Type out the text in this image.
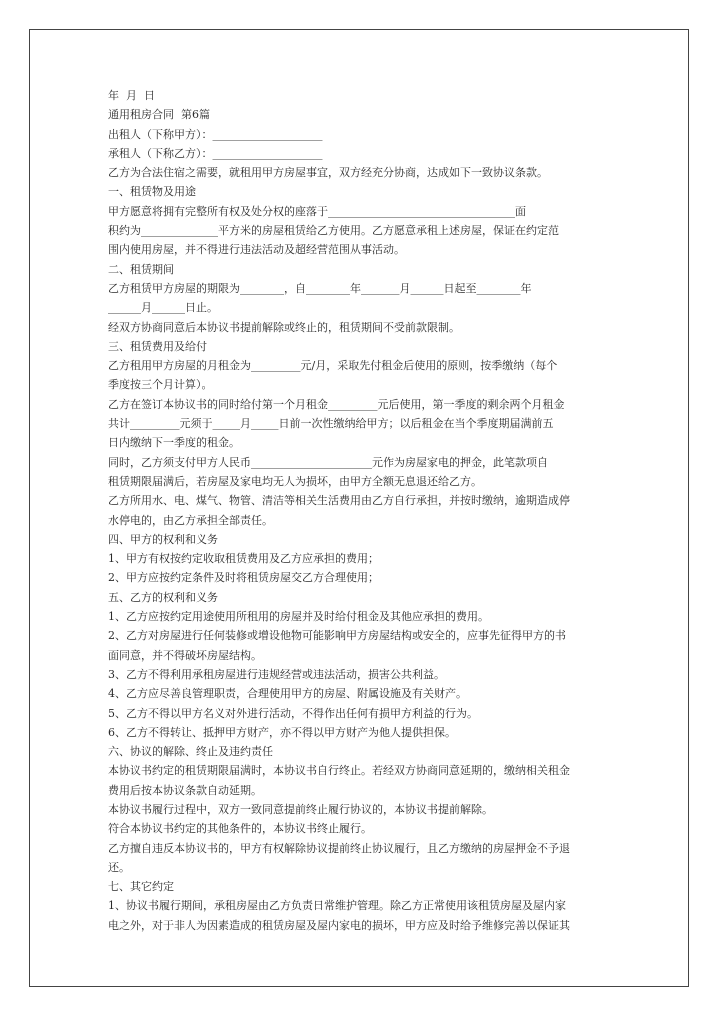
年  月  日
通用租房合同  第6篇
出租人（下称甲方）：____________________
承租人（下称乙方）：____________________
乙方为合法住宿之需要，就租用甲方房屋事宜，双方经充分协商，达成如下一致协议条款。
一、租赁物及用途
甲方愿意将拥有完整所有权及处分权的座落于__________________________________面
积约为______________平方米的房屋租赁给乙方使用。乙方愿意承租上述房屋，保证在约定范
围内使用房屋，并不得进行违法活动及超经营范围从事活动。
二、租赁期间
乙方租赁甲方房屋的期限为________，自________年_______月______日起至________年
______月______日止。
经双方协商同意后本协议书提前解除或终止的，租赁期间不受前款限制。
三、租赁费用及给付
乙方租用甲方房屋的月租金为_________元/月，采取先付租金后使用的原则，按季缴纳（每个
季度按三个月计算）。
乙方在签订本协议书的同时给付第一个月租金_________元后使用，第一季度的剩余两个月租金
共计_________元须于_____月_____日前一次性缴纳给甲方；以后租金在当个季度期届满前五
日内缴纳下一季度的租金。
同时，乙方须支付甲方人民币______________________元作为房屋家电的押金，此笔款项自
租赁期限届满后，若房屋及家电均无人为损坏，由甲方全额无息退还给乙方。
乙方所用水、电、煤气、物管、清洁等相关生活费用由乙方自行承担，并按时缴纳，逾期造成停
水停电的，由乙方承担全部责任。
四、甲方的权利和义务
1、甲方有权按约定收取租赁费用及乙方应承担的费用；
2、甲方应按约定条件及时将租赁房屋交乙方合理使用；
五、乙方的权利和义务
1、乙方应按约定用途使用所租用的房屋并及时给付租金及其他应承担的费用。
2、乙方对房屋进行任何装修或增设他物可能影响甲方房屋结构或安全的，应事先征得甲方的书
面同意，并不得破坏房屋结构。
3、乙方不得利用承租房屋进行违规经营或违法活动，损害公共利益。
4、乙方应尽善良管理职责，合理使用甲方的房屋、附属设施及有关财产。
5、乙方不得以甲方名义对外进行活动，不得作出任何有损甲方利益的行为。
6、乙方不得转让、抵押甲方财产，亦不得以甲方财产为他人提供担保。
六、协议的解除、终止及违约责任
本协议书约定的租赁期限届满时，本协议书自行终止。若经双方协商同意延期的，缴纳相关租金
费用后按本协议条款自动延期。
本协议书履行过程中，双方一致同意提前终止履行协议的，本协议书提前解除。
符合本协议书约定的其他条件的，本协议书终止履行。
乙方擅自违反本协议书的，甲方有权解除协议提前终止协议履行，且乙方缴纳的房屋押金不予退
还。
七、其它约定
1、协议书履行期间，承租房屋由乙方负责日常维护管理。除乙方正常使用该租赁房屋及屋内家
电之外，对于非人为因素造成的租赁房屋及屋内家电的损坏，甲方应及时给予维修完善以保证其
